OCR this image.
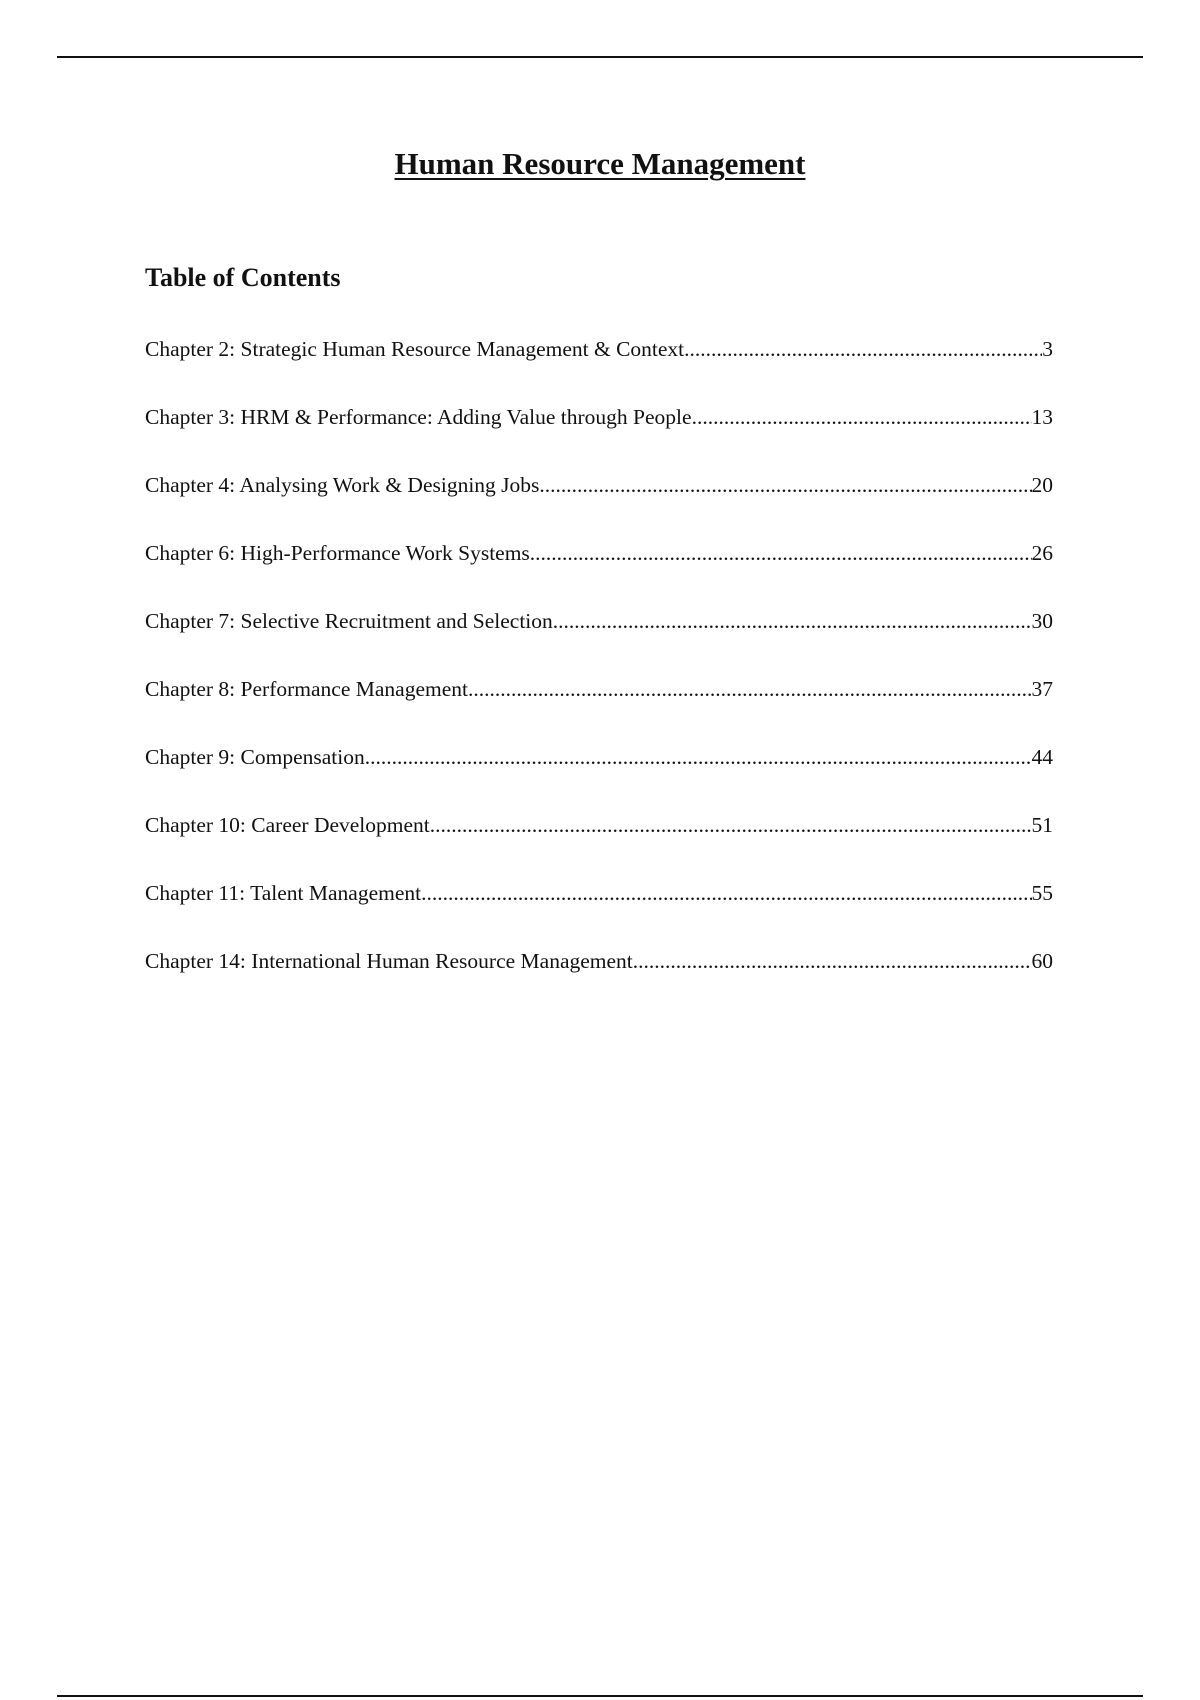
Human Resource Management
Table of Contents
Chapter 2: Strategic Human Resource Management & Context .....	3
Chapter 3: HRM & Performance: Adding Value through People .....	13
Chapter 4: Analysing Work & Designing Jobs .....	20
Chapter 6: High-Performance Work Systems .....	26
Chapter 7: Selective Recruitment and Selection .....	30
Chapter 8: Performance Management .....	37
Chapter 9: Compensation .....	44
Chapter 10: Career Development .....	51
Chapter 11: Talent Management .....	55
Chapter 14: International Human Resource Management .....	60
